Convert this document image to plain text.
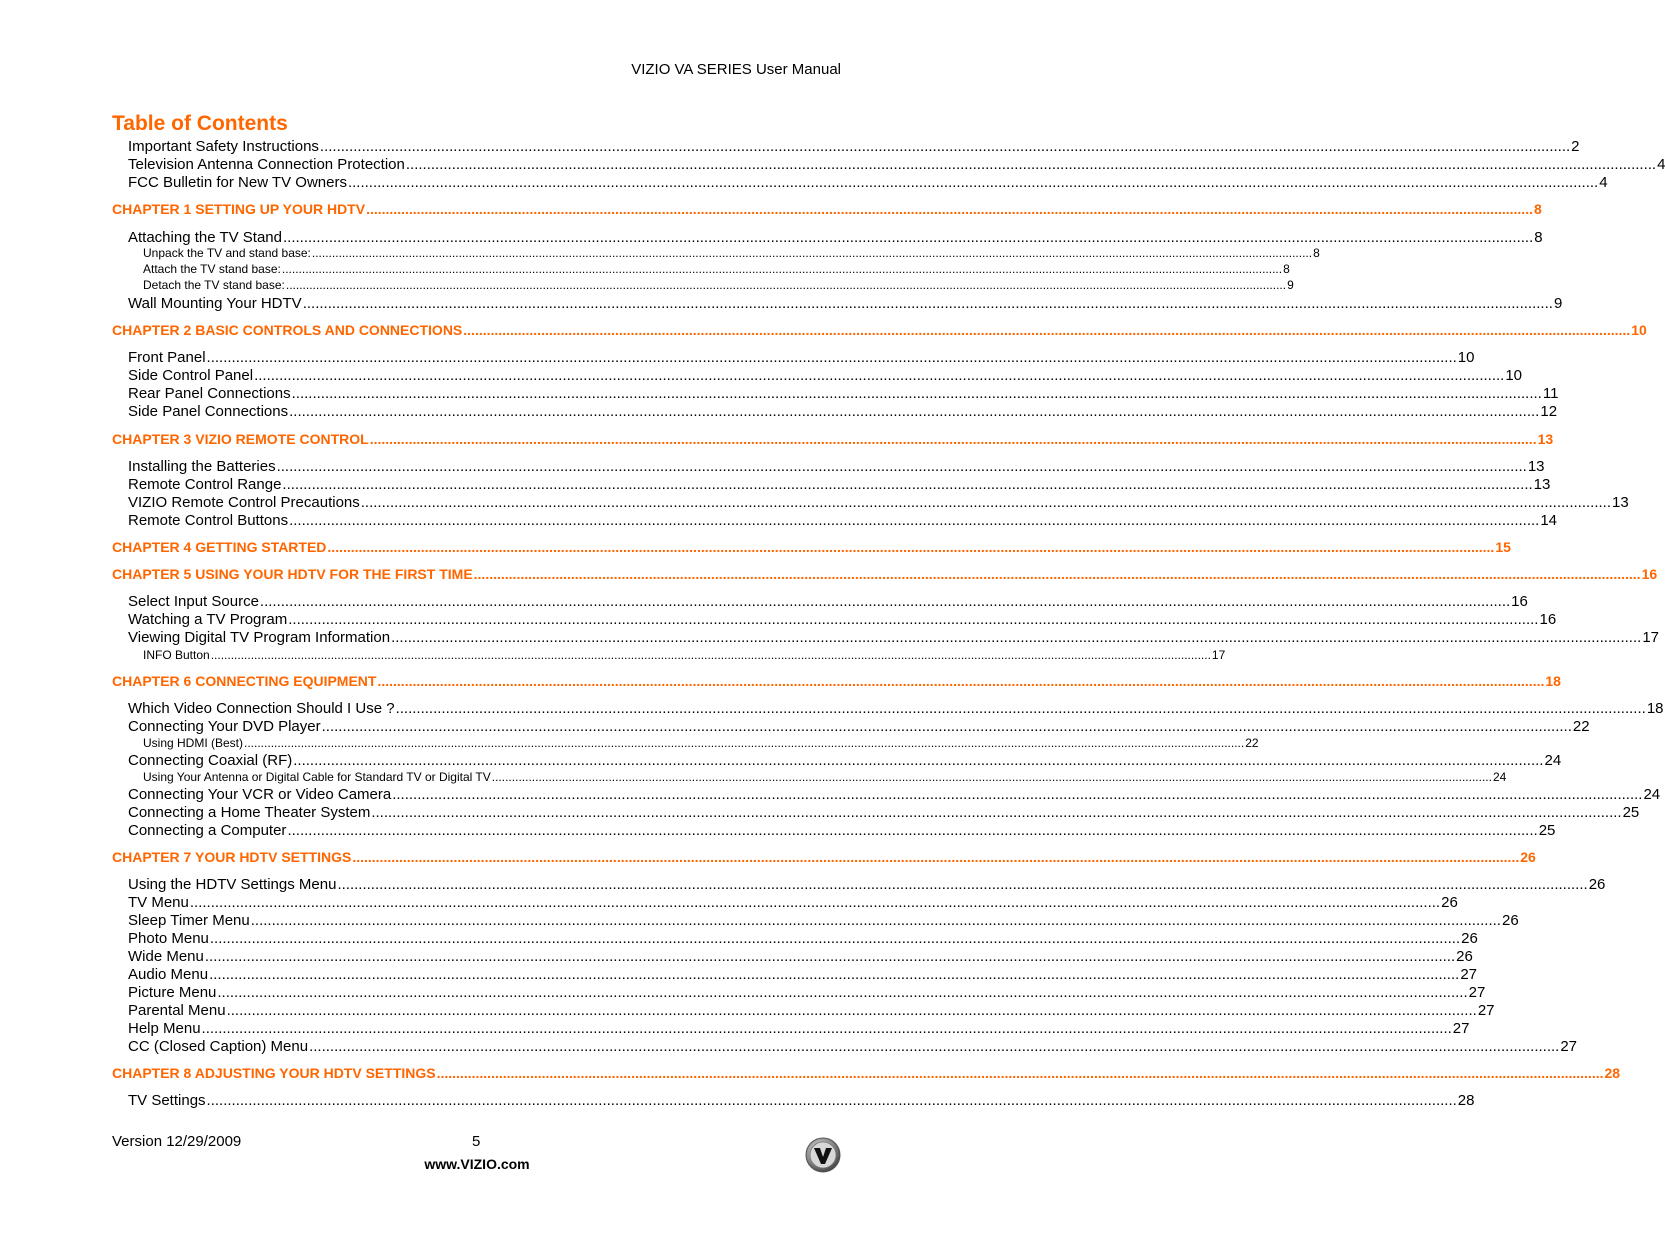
VIZIO VA SERIES User Manual
Table of Contents
Important Safety Instructions ............................................................................................................................................................................................................................................................................................................ 2
Television Antenna Connection Protection ............................................................................................................................................................................................................................................................................................................ 4
FCC Bulletin for New TV Owners ............................................................................................................................................................................................................................................................................................................ 4
CHAPTER 1 SETTING UP YOUR HDTV ............................................................................................................................................................................................................................................................................................................ 8
Attaching the TV Stand ............................................................................................................................................................................................................................................................................................................ 8
Unpack the TV and stand base: ............................................................................................................................................................................................................................................................................................................ 8
Attach the TV stand base: ............................................................................................................................................................................................................................................................................................................ 8
Detach the TV stand base: ............................................................................................................................................................................................................................................................................................................ 9
Wall Mounting Your HDTV ............................................................................................................................................................................................................................................................................................................ 9
CHAPTER 2 BASIC CONTROLS AND CONNECTIONS ............................................................................................................................................................................................................................................................................................................ 10
Front Panel ............................................................................................................................................................................................................................................................................................................ 10
Side Control Panel ............................................................................................................................................................................................................................................................................................................ 10
Rear Panel Connections ............................................................................................................................................................................................................................................................................................................ 11
Side Panel Connections ............................................................................................................................................................................................................................................................................................................ 12
CHAPTER 3 VIZIO REMOTE CONTROL ............................................................................................................................................................................................................................................................................................................ 13
Installing the Batteries ............................................................................................................................................................................................................................................................................................................ 13
Remote Control Range ............................................................................................................................................................................................................................................................................................................ 13
VIZIO Remote Control Precautions ............................................................................................................................................................................................................................................................................................................ 13
Remote Control Buttons ............................................................................................................................................................................................................................................................................................................ 14
CHAPTER 4 GETTING STARTED ............................................................................................................................................................................................................................................................................................................ 15
CHAPTER 5 USING YOUR HDTV FOR THE FIRST TIME ............................................................................................................................................................................................................................................................................................................ 16
Select Input Source ............................................................................................................................................................................................................................................................................................................ 16
Watching a TV Program ............................................................................................................................................................................................................................................................................................................ 16
Viewing Digital TV Program Information ............................................................................................................................................................................................................................................................................................................ 17
INFO Button ............................................................................................................................................................................................................................................................................................................ 17
CHAPTER 6 CONNECTING EQUIPMENT ............................................................................................................................................................................................................................................................................................................ 18
Which Video Connection Should I Use ? ............................................................................................................................................................................................................................................................................................................ 18
Connecting Your DVD Player ............................................................................................................................................................................................................................................................................................................ 22
Using HDMI (Best) ............................................................................................................................................................................................................................................................................................................ 22
Connecting Coaxial (RF) ............................................................................................................................................................................................................................................................................................................ 24
Using Your Antenna or Digital Cable for Standard TV or Digital TV ............................................................................................................................................................................................................................................................................................................ 24
Connecting Your VCR or Video Camera ............................................................................................................................................................................................................................................................................................................ 24
Connecting a Home Theater System ............................................................................................................................................................................................................................................................................................................ 25
Connecting a Computer ............................................................................................................................................................................................................................................................................................................ 25
CHAPTER 7 YOUR HDTV SETTINGS ............................................................................................................................................................................................................................................................................................................ 26
Using the HDTV Settings Menu ............................................................................................................................................................................................................................................................................................................ 26
TV Menu ............................................................................................................................................................................................................................................................................................................ 26
Sleep Timer Menu ............................................................................................................................................................................................................................................................................................................ 26
Photo Menu ............................................................................................................................................................................................................................................................................................................ 26
Wide Menu ............................................................................................................................................................................................................................................................................................................ 26
Audio Menu ............................................................................................................................................................................................................................................................................................................ 27
Picture Menu ............................................................................................................................................................................................................................................................................................................ 27
Parental Menu ............................................................................................................................................................................................................................................................................................................ 27
Help Menu ............................................................................................................................................................................................................................................................................................................ 27
CC (Closed Caption) Menu ............................................................................................................................................................................................................................................................................................................ 27
CHAPTER 8 ADJUSTING YOUR HDTV SETTINGS ............................................................................................................................................................................................................................................................................................................ 28
TV Settings ............................................................................................................................................................................................................................................................................................................ 28
Version 12/29/2009	5
www.VIZIO.com
